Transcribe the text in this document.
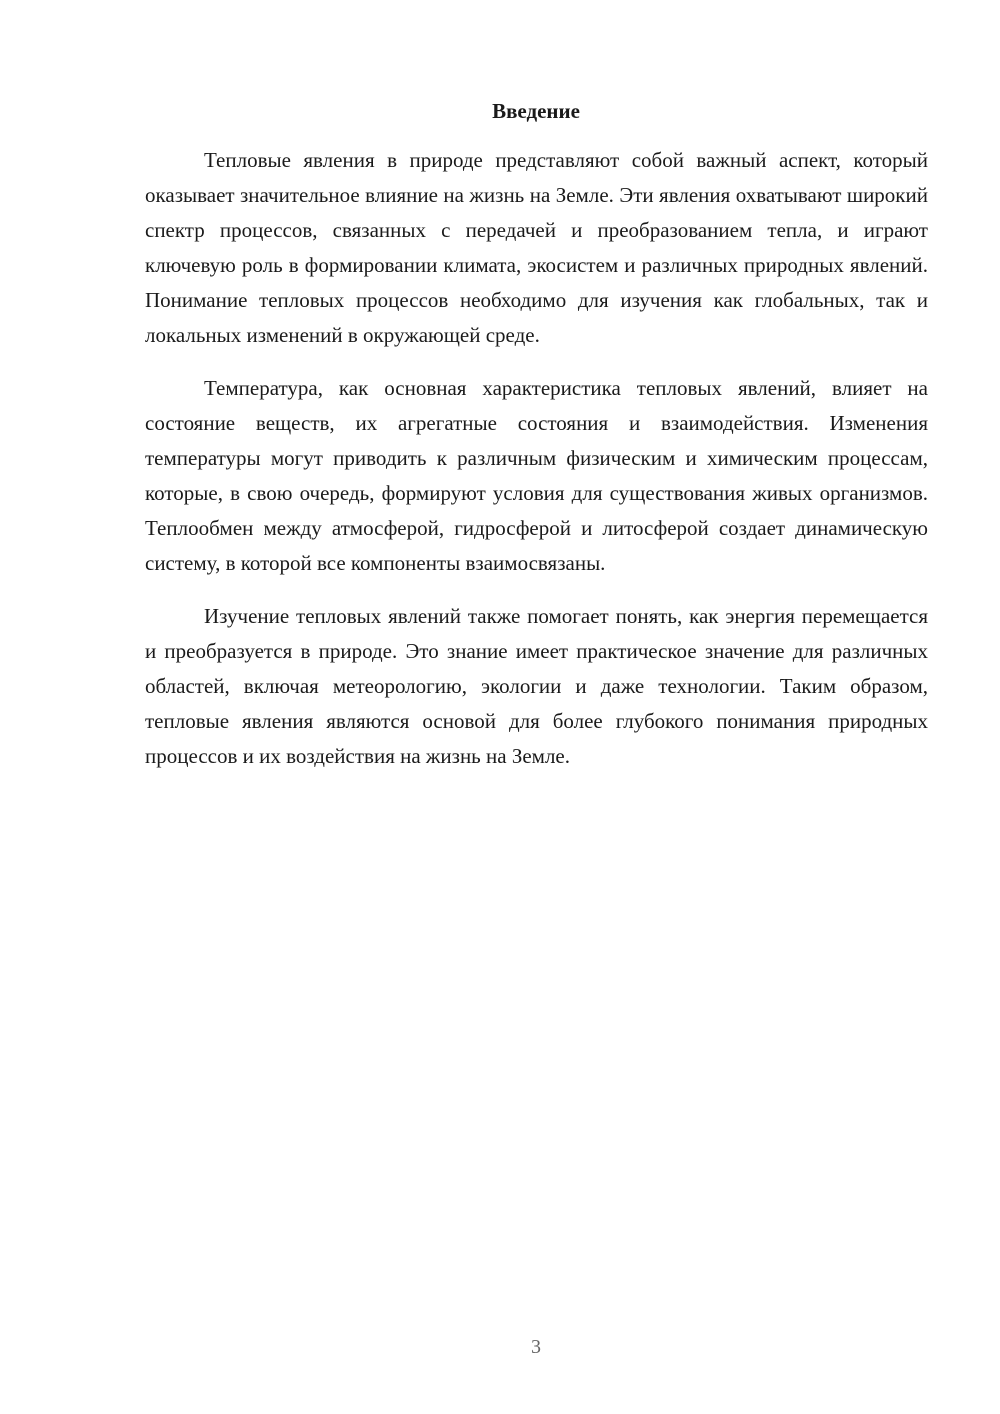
Введение

Тепловые явления в природе представляют собой важный аспект, который оказывает значительное влияние на жизнь на Земле. Эти явления охватывают широкий спектр процессов, связанных с передачей и преобразованием тепла, и играют ключевую роль в формировании климата, экосистем и различных природных явлений. Понимание тепловых процессов необходимо для изучения как глобальных, так и локальных изменений в окружающей среде.

Температура, как основная характеристика тепловых явлений, влияет на состояние веществ, их агрегатные состояния и взаимодействия. Изменения температуры могут приводить к различным физическим и химическим процессам, которые, в свою очередь, формируют условия для существования живых организмов. Теплообмен между атмосферой, гидросферой и литосферой создает динамическую систему, в которой все компоненты взаимосвязаны.

Изучение тепловых явлений также помогает понять, как энергия перемещается и преобразуется в природе. Это знание имеет практическое значение для различных областей, включая метеорологию, экологии и даже технологии. Таким образом, тепловые явления являются основой для более глубокого понимания природных процессов и их воздействия на жизнь на Земле.

3
